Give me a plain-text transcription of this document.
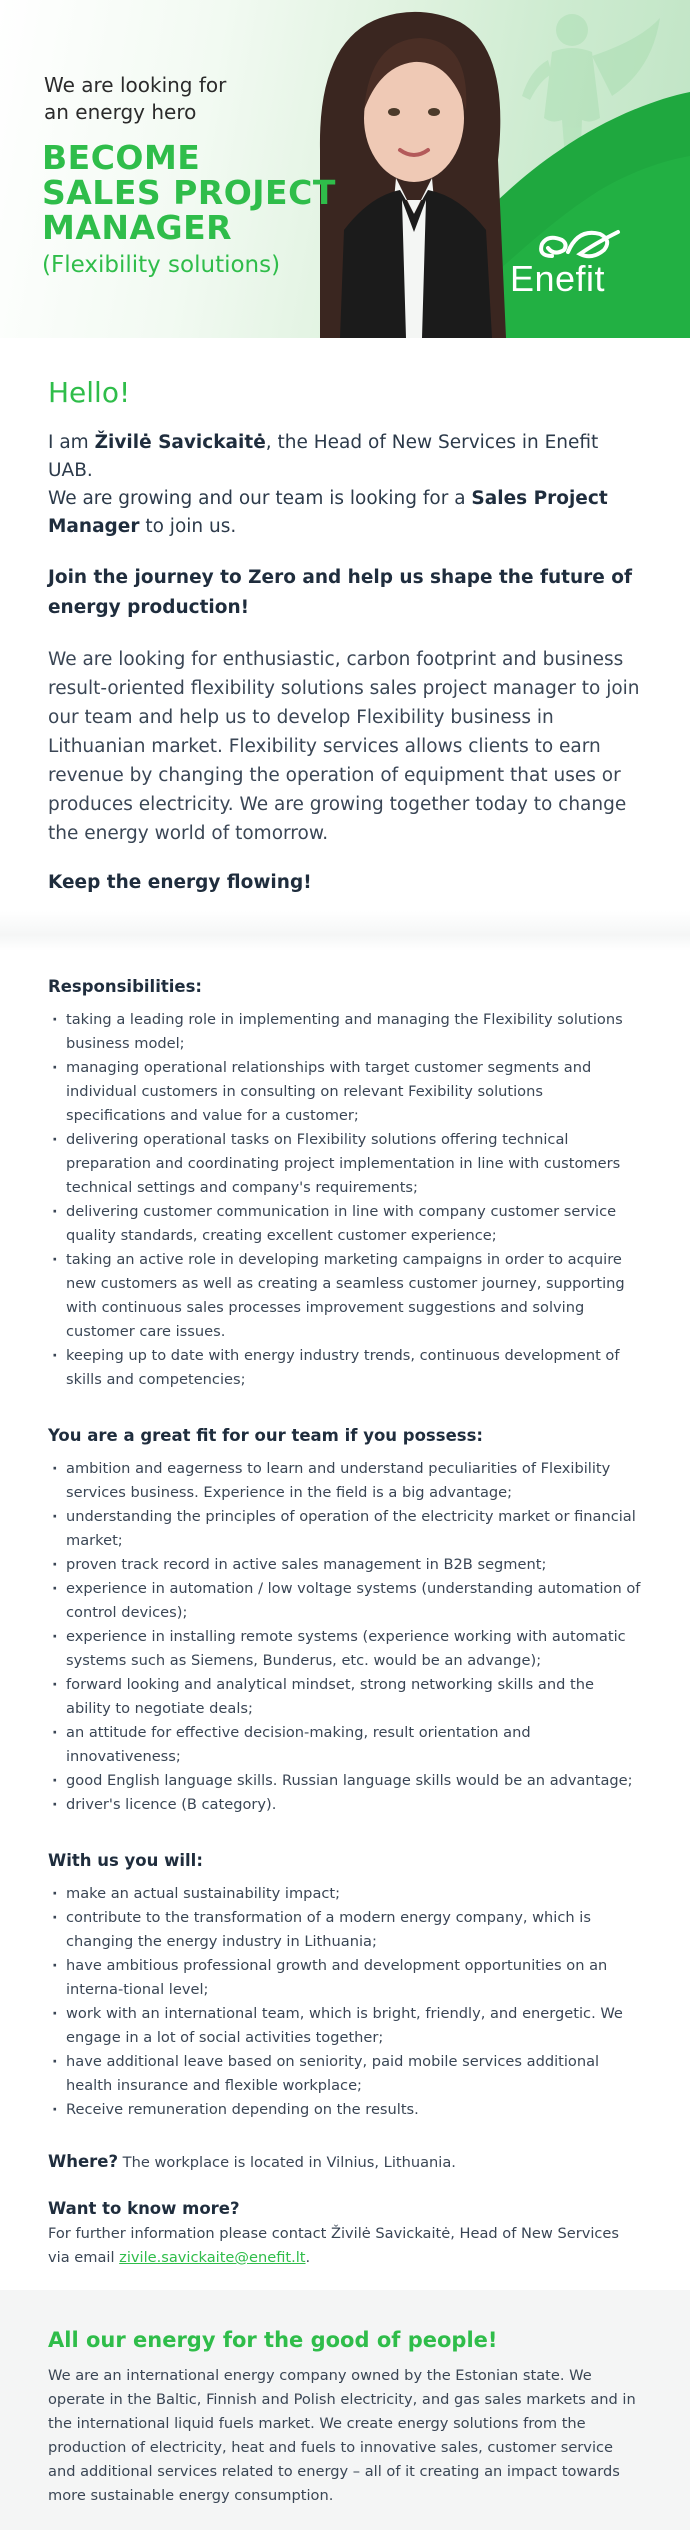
We are looking for
an energy hero
BECOME
SALES PROJECT
MANAGER
(Flexibility solutions)	Enefit
Hello!

I am Živilė Savickaitė, the Head of New Services in Enefit UAB.
We are growing and our team is looking for a Sales Project Manager to join us.

Join the journey to Zero and help us shape the future of energy production!

We are looking for enthusiastic, carbon footprint and business result-oriented flexibility solutions sales project manager to join our team and help us to develop Flexibility business in Lithuanian market. Flexibility services allows clients to earn revenue by changing the operation of equipment that uses or produces electricity. We are growing together today to change the energy world of tomorrow.

Keep the energy flowing!

Responsibilities:
· taking a leading role in implementing and managing the Flexibility solutions business model;
· managing operational relationships with target customer segments and individual customers in consulting on relevant Fexibility solutions specifications and value for a customer;
· delivering operational tasks on Flexibility solutions offering technical preparation and coordinating project implementation in line with customers technical settings and company's requirements;
· delivering customer communication in line with company customer service quality standards, creating excellent customer experience;
· taking an active role in developing marketing campaigns in order to acquire new customers as well as creating a seamless customer journey, supporting with continuous sales processes improvement suggestions and solving customer care issues.
· keeping up to date with energy industry trends, continuous development of skills and competencies;
You are a great fit for our team if you possess:
· ambition and eagerness to learn and understand peculiarities of Flexibility services business. Experience in the field is a big advantage;
· understanding the principles of operation of the electricity market or financial market;
· proven track record in active sales management in B2B segment;
· experience in automation / low voltage systems (understanding automation of control devices);
· experience in installing remote systems (experience working with automatic systems such as Siemens, Bunderus, etc. would be an advange);
· forward looking and analytical mindset, strong networking skills and the ability to negotiate deals;
· an attitude for effective decision-making, result orientation and innovativeness;
· good English language skills. Russian language skills would be an advantage;
· driver's licence (B category).
With us you will:
· make an actual sustainability impact;
· contribute to the transformation of a modern energy company, which is changing the energy industry in Lithuania;
· have ambitious professional growth and development opportunities on an interna-tional level;
· work with an international team, which is bright, friendly, and energetic. We engage in a lot of social activities together;
· have additional leave based on seniority, paid mobile services additional health insurance and flexible workplace;
· Receive remuneration depending on the results.

Where? The workplace is located in Vilnius, Lithuania.

Want to know more?

For further information please contact Živilė Savickaitė, Head of New Services via email zivile.savickaite@enefit.lt.

All our energy for the good of people!

We are an international energy company owned by the Estonian state. We operate in the Baltic, Finnish and Polish electricity, and gas sales markets and in the international liquid fuels market. We create energy solutions from the production of electricity, heat and fuels to innovative sales, customer service and additional services related to energy – all of it creating an impact towards more sustainable energy consumption.
